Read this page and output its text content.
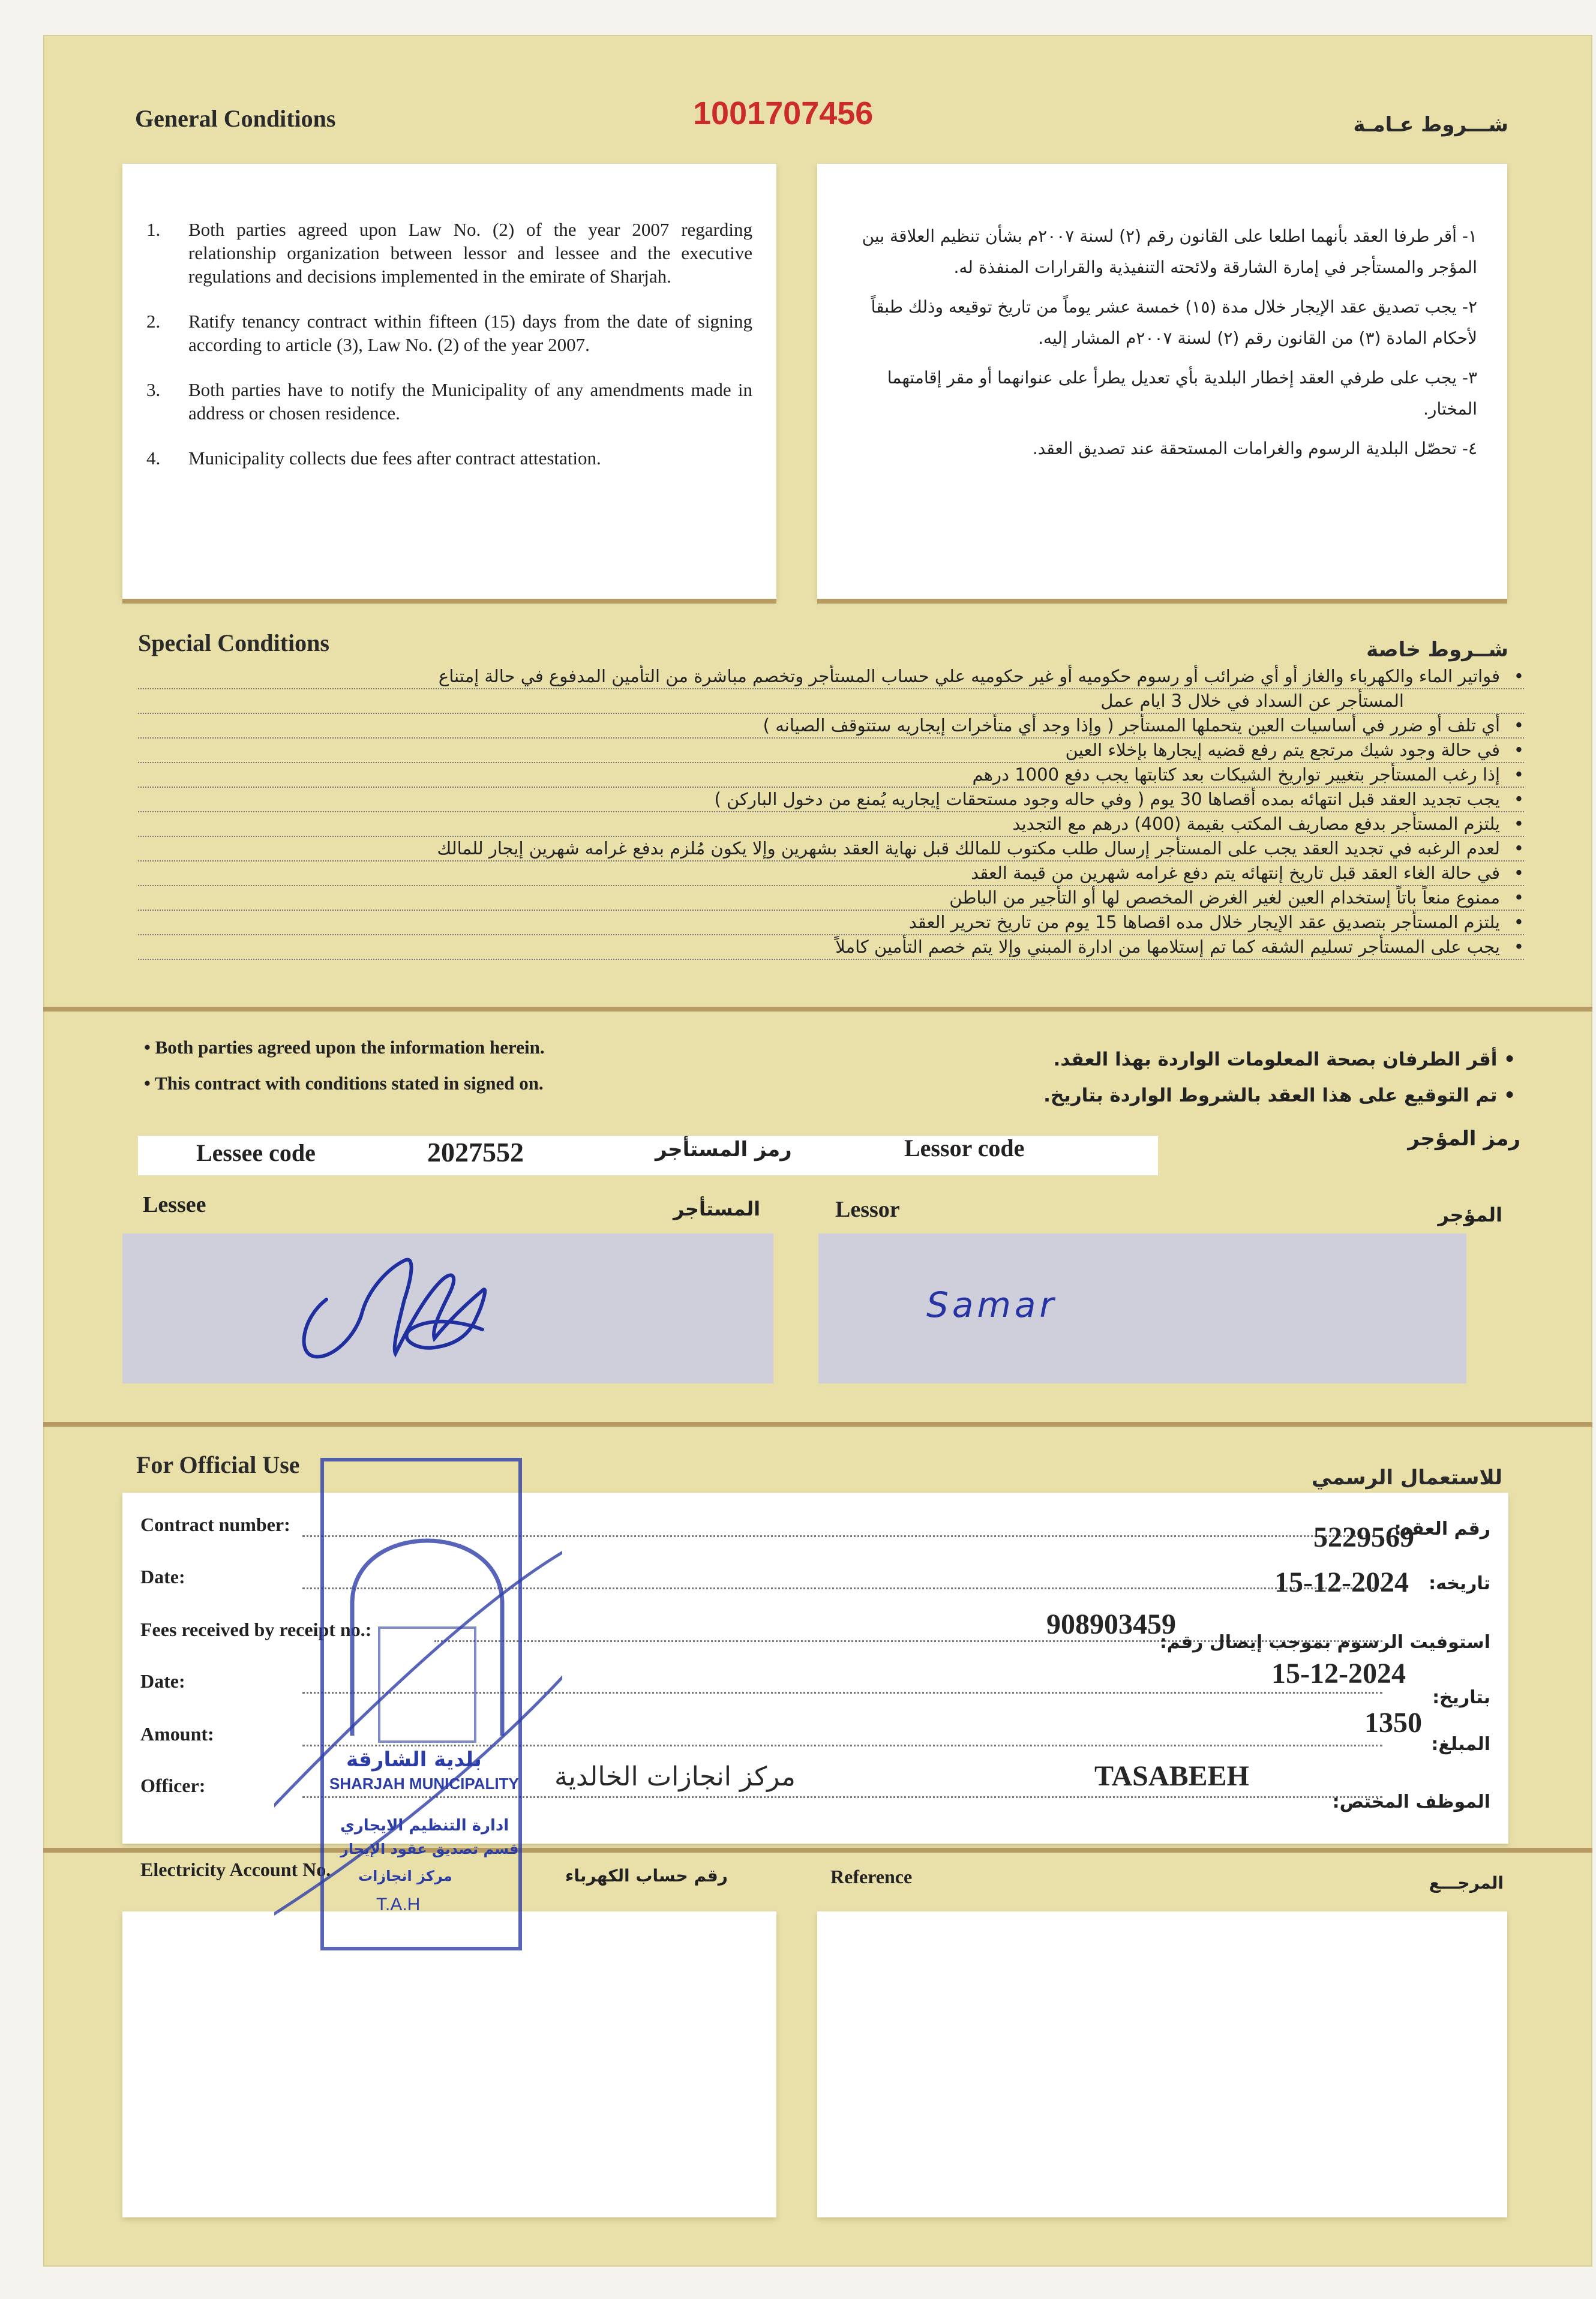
General Conditions	1001707456	شـــروط عـامـة
1.	Both parties agreed upon Law No. (2) of the year 2007 regarding relationship organization between lessor and lessee and the executive regulations and decisions implemented in the emirate of Sharjah.
2.	Ratify tenancy contract within fifteen (15) days from the date of signing according to article (3), Law No. (2) of the year 2007.
3.	Both parties have to notify the Municipality of any amendments made in address or chosen residence.
4.	Municipality collects due fees after contract attestation.
١- أقر طرفا العقد بأنهما اطلعا على القانون رقم (٢) لسنة ٢٠٠٧م بشأن تنظيم العلاقة بين المؤجر والمستأجر في إمارة الشارقة ولائحته التنفيذية والقرارات المنفذة له.
٢- يجب تصديق عقد الإيجار خلال مدة (١٥) خمسة عشر يوماً من تاريخ توقيعه وذلك طبقاً لأحكام المادة (٣) من القانون رقم (٢) لسنة ٢٠٠٧م المشار إليه.
٣- يجب على طرفي العقد إخطار البلدية بأي تعديل يطرأ على عنوانهما أو مقر إقامتهما المختار.
٤- تحصّل البلدية الرسوم والغرامات المستحقة عند تصديق العقد.
Special Conditions	شــروط خاصة
• فواتير الماء والكهرباء والغاز أو أي ضرائب أو رسوم حكوميه أو غير حكوميه علي حساب المستأجر وتخصم مباشرة من التأمين المدفوع في حالة إمتناع
المستأجر عن السداد في خلال 3 ايام عمل
• أي تلف أو ضرر في أساسيات العين يتحملها المستأجر ( وإذا وجد أي متأخرات إيجاريه ستتوقف الصيانه )
• في حالة وجود شيك مرتجع يتم رفع قضيه إيجارها بإخلاء العين
• إذا رغب المستأجر بتغيير تواريخ الشيكات بعد كتابتها يجب دفع 1000 درهم
• يجب تجديد العقد قبل انتهائه بمده أقصاها 30 يوم ( وفي حاله وجود مستحقات إيجاريه يُمنع من دخول الباركن )
• يلتزم المستأجر بدفع مصاريف المكتب بقيمة (400) درهم مع التجديد
• لعدم الرغبه في تجديد العقد يجب على المستأجر إرسال طلب مكتوب للمالك قبل نهاية العقد بشهرين وإلا يكون مُلزم بدفع غرامه شهرين إيجار للمالك
• في حالة الغاء العقد قبل تاريخ إنتهائه يتم دفع غرامه شهرين من قيمة العقد
• ممنوع منعاً باتاً إستخدام العين لغير الغرض المخصص لها أو التأجير من الباطن
• يلتزم المستأجر بتصديق عقد الإيجار خلال مده اقصاها 15 يوم من تاريخ تحرير العقد
• يجب على المستأجر تسليم الشقه كما تم إستلامها من ادارة المبني وإلا يتم خصم التأمين كاملاً
• Both parties agreed upon the information herein.
• This contract with conditions stated in signed on.
• أقر الطرفان بصحة المعلومات الواردة بهذا العقد.
• تم التوقيع على هذا العقد بالشروط الواردة بتاريخ.
Lessee code	2027552	رمز المستأجر	Lessor code	رمز المؤجر
Lessee	المستأجر	Lessor	المؤجر
Samar
For Official Use	للاستعمال الرسمي
Contract number:	رقم العقد:
5229569
Date:	تاريخه:
15-12-2024
Fees received by receipt no.:
استوفيت الرسوم بموجب إيصال رقم:
908903459
Date:
بتاريخ:
15-12-2024
Amount:	المبلغ:
1350
Officer:
الموظف المختص:
TASABEEH
مركز انجازات الخالدية
Electricity Account No.	رقم حساب الكهرباء	Reference	المرجـــع
بلدية الشارقة
SHARJAH MUNICIPALITY
ادارة التنظيم الايجاري
قسم تصديق عقود الإيجار
مركز انجازات
T.A.H
